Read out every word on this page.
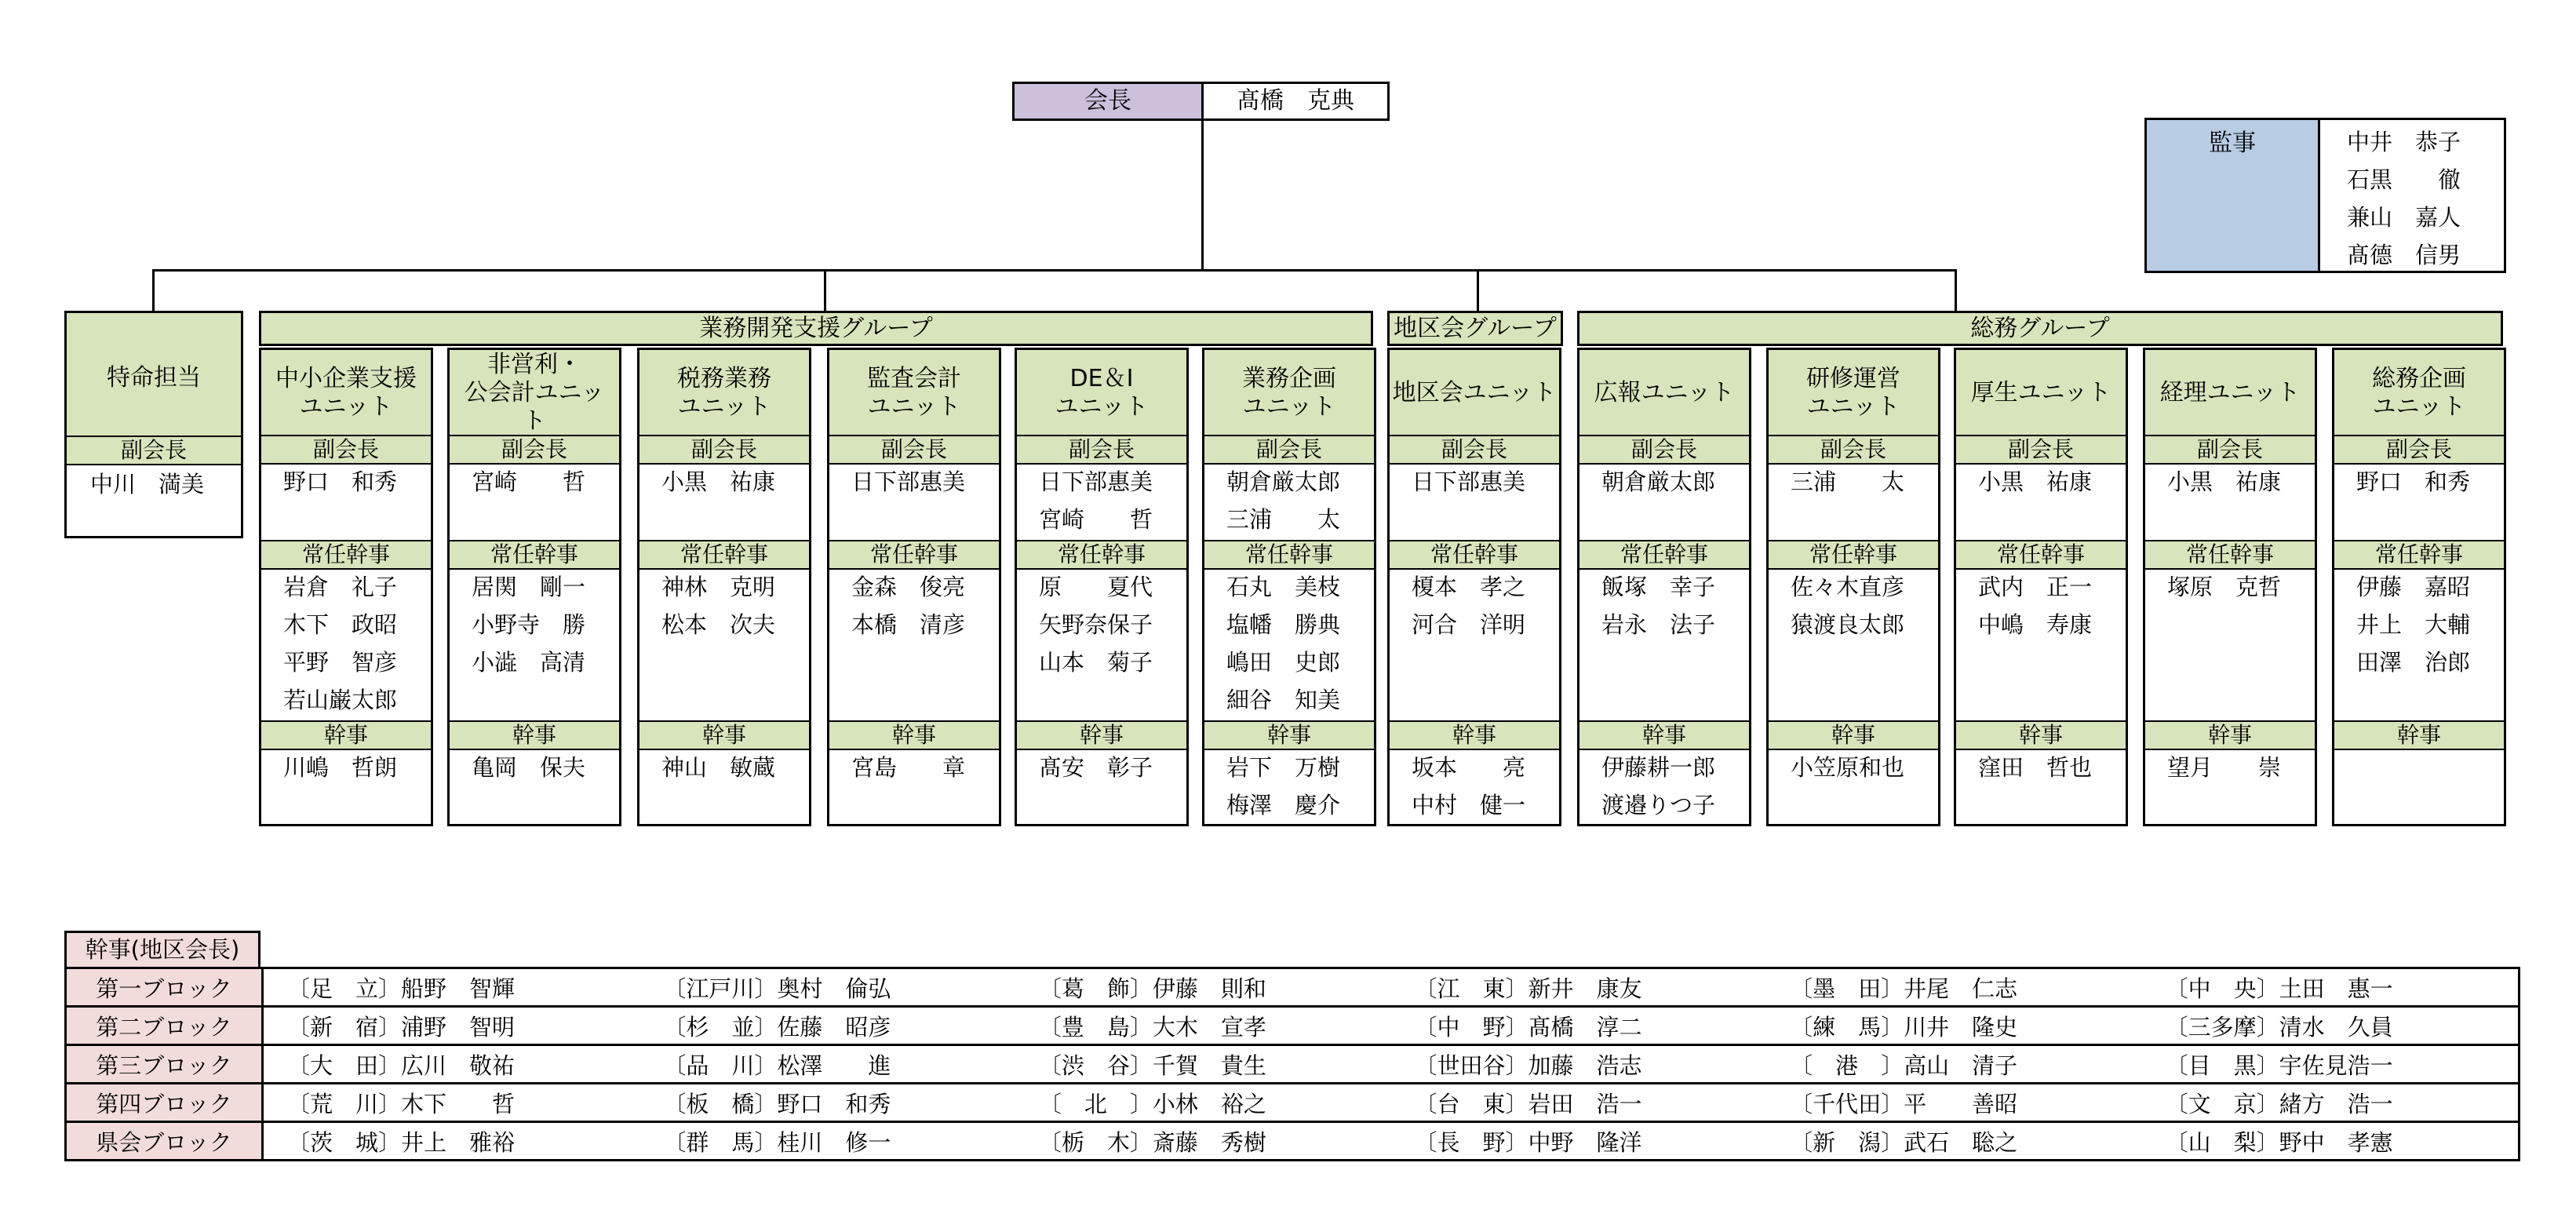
会長	髙橋　克典
監事	中井　恭子
石黒　　徹
兼山　嘉人
髙德　信男
業務開発支援グループ	地区会グループ	総務グループ
特命担当
副会長
中川　満美
中小企業支援
ユニット
副会長
野口　和秀
常任幹事
岩倉　礼子
木下　政昭
平野　智彦
若山巌太郎
幹事
川嶋　哲朗
非営利・
公会計ユニッ
ト
副会長
宮崎　　哲
常任幹事
居関　剛一
小野寺　勝
小澁　高清
幹事
亀岡　保夫
税務業務
ユニット
副会長
小黒　祐康
常任幹事
神林　克明
松本　次夫
幹事
神山　敏蔵
監査会計
ユニット
副会長
日下部惠美
常任幹事
金森　俊亮
本橋　清彦
幹事
宮島　　章
DE＆I
ユニット
副会長
日下部惠美
宮崎　　哲
常任幹事
原　　夏代
矢野奈保子
山本　菊子
幹事
髙安　彰子
業務企画
ユニット
副会長
朝倉厳太郎
三浦　　太
常任幹事
石丸　美枝
塩幡　勝典
嶋田　史郎
細谷　知美
幹事
岩下　万樹
梅澤　慶介
地区会ユニット
副会長
日下部惠美
常任幹事
榎本　孝之
河合　洋明
幹事
坂本　　亮
中村　健一
広報ユニット
副会長
朝倉厳太郎
常任幹事
飯塚　幸子
岩永　法子
幹事
伊藤耕一郎
渡邉りつ子
研修運営
ユニット
副会長
三浦　　太
常任幹事
佐々木直彦
猿渡良太郎
幹事
小笠原和也
厚生ユニット
副会長
小黒　祐康
常任幹事
武内　正一
中嶋　寿康
幹事
窪田　哲也
経理ユニット
副会長
小黒　祐康
常任幹事
塚原　克哲
幹事
望月　　崇
総務企画
ユニット
副会長
野口　和秀
常任幹事
伊藤　嘉昭
井上　大輔
田澤　治郎
幹事
幹事(地区会長)
第一ブロック	〔足　立〕船野　智輝	〔江戸川〕奥村　倫弘	〔葛　飾〕伊藤　則和	〔江　東〕新井　康友	〔墨　田〕井尾　仁志	〔中　央〕土田　惠一
第二ブロック	〔新　宿〕浦野　智明	〔杉　並〕佐藤　昭彦	〔豊　島〕大木　宣孝	〔中　野〕髙橋　淳二	〔練　馬〕川井　隆史	〔三多摩〕清水　久員
第三ブロック	〔大　田〕広川　敬祐	〔品　川〕松澤　　進	〔渋　谷〕千賀　貴生	〔世田谷〕加藤　浩志	〔　港　〕高山　清子	〔目　黒〕宇佐見浩一
第四ブロック	〔荒　川〕木下　　哲	〔板　橋〕野口　和秀	〔　北　〕小林　裕之	〔台　東〕岩田　浩一	〔千代田〕平　　善昭	〔文　京〕緒方　浩一
県会ブロック	〔茨　城〕井上　雅裕	〔群　馬〕桂川　修一	〔栃　木〕斎藤　秀樹	〔長　野〕中野　隆洋	〔新　潟〕武石　聡之	〔山　梨〕野中　孝憲
